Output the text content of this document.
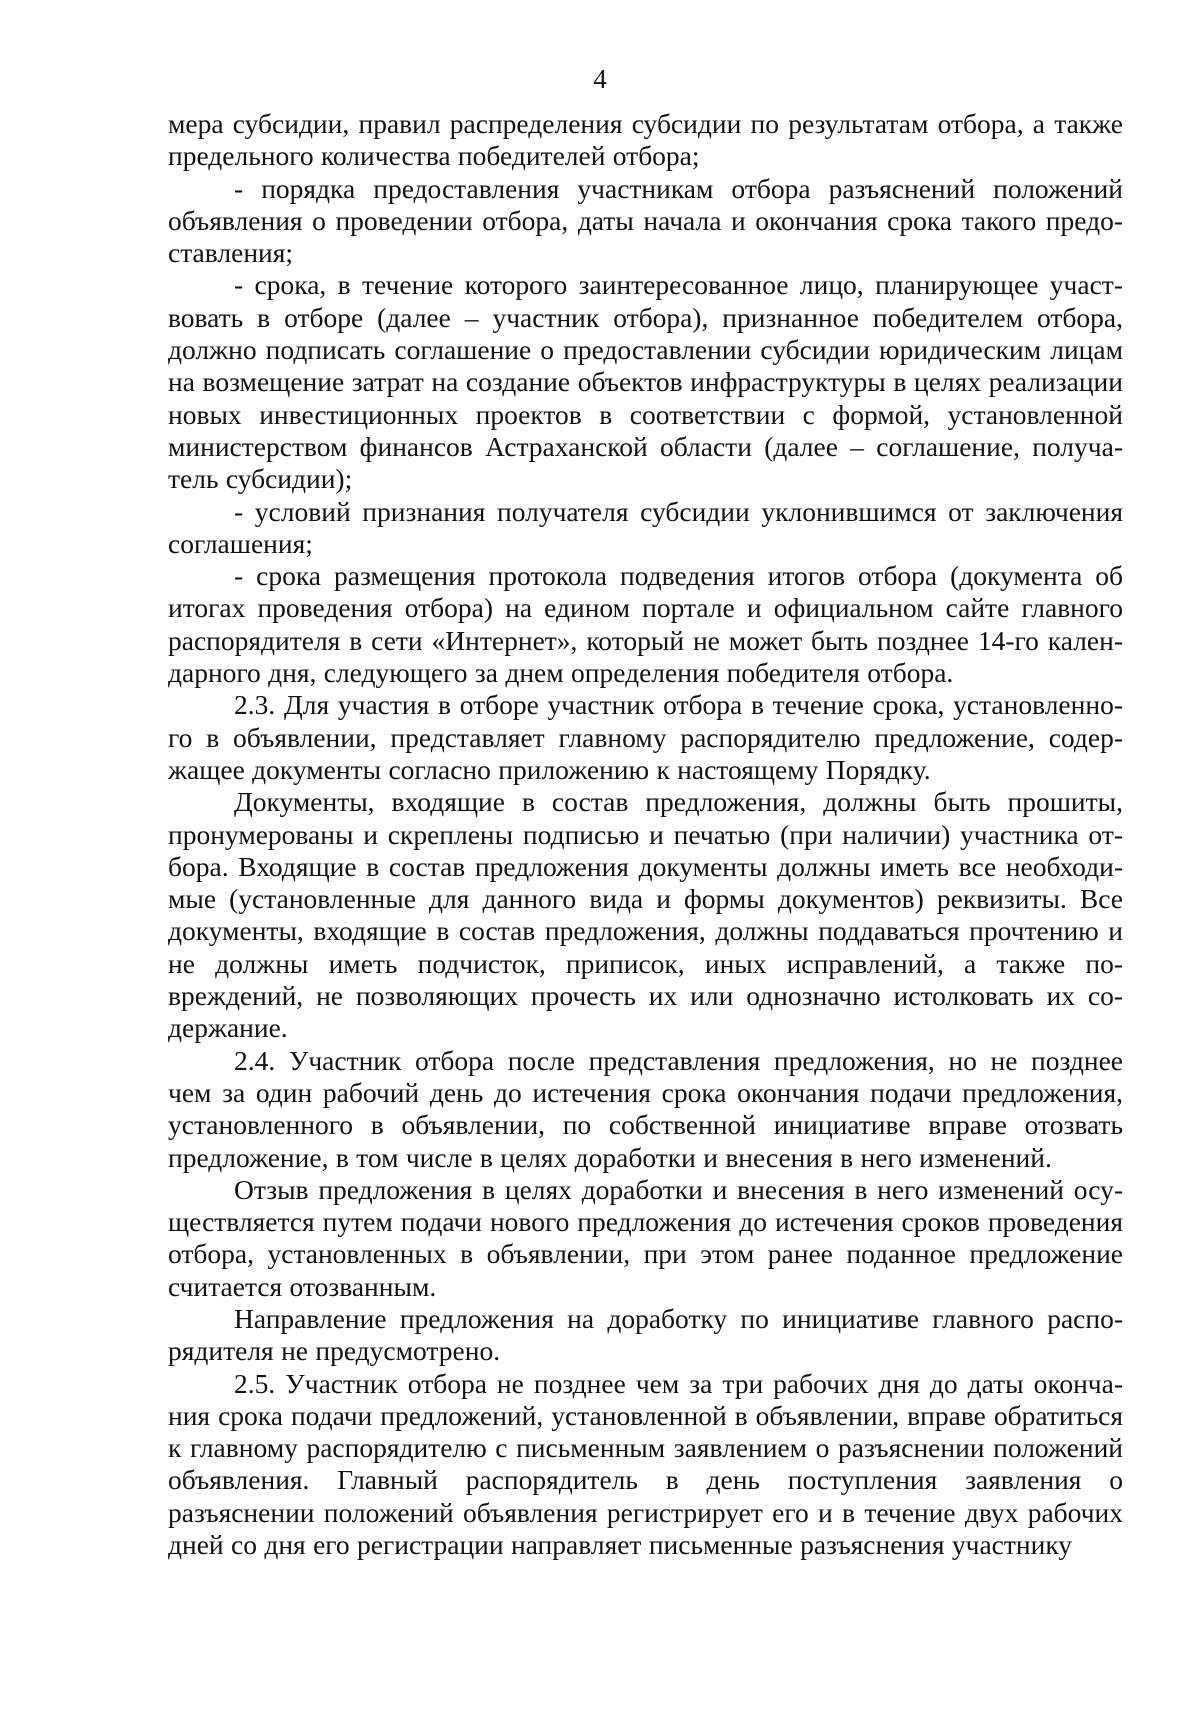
4

мера субсидии, правил распределения субсидии по результатам отбора, а также предельного количества победителей отбора;

- порядка предоставления участникам отбора разъяснений положений объявления о проведении отбора, даты начала и окончания срока такого предоставления;

- срока, в течение которого заинтересованное лицо, планирующее участвовать в отборе (далее – участник отбора), признанное победителем отбора, должно подписать соглашение о предоставлении субсидии юридическим лицам на возмещение затрат на создание объектов инфраструктуры в целях реализации новых инвестиционных проектов в соответствии с формой, установленной министерством финансов Астраханской области (далее – соглашение, получатель субсидии);

- условий признания получателя субсидии уклонившимся от заключения соглашения;

- срока размещения протокола подведения итогов отбора (документа об итогах проведения отбора) на едином портале и официальном сайте главного распорядителя в сети «Интернет», который не может быть позднее 14-го календарного дня, следующего за днем определения победителя отбора.

2.3. Для участия в отборе участник отбора в течение срока, установленного в объявлении, представляет главному распорядителю предложение, содержащее документы согласно приложению к настоящему Порядку.

Документы, входящие в состав предложения, должны быть прошиты, пронумерованы и скреплены подписью и печатью (при наличии) участника отбора. Входящие в состав предложения документы должны иметь все необходимые (установленные для данного вида и формы документов) реквизиты. Все документы, входящие в состав предложения, должны поддаваться прочтению и не должны иметь подчисток, приписок, иных исправлений, а также повреждений, не позволяющих прочесть их или однозначно истолковать их содержание.

2.4. Участник отбора после представления предложения, но не позднее чем за один рабочий день до истечения срока окончания подачи предложения, установленного в объявлении, по собственной инициативе вправе отозвать предложение, в том числе в целях доработки и внесения в него изменений.

Отзыв предложения в целях доработки и внесения в него изменений осуществляется путем подачи нового предложения до истечения сроков проведения отбора, установленных в объявлении, при этом ранее поданное предложение считается отозванным.

Направление предложения на доработку по инициативе главного распорядителя не предусмотрено.

2.5. Участник отбора не позднее чем за три рабочих дня до даты окончания срока подачи предложений, установленной в объявлении, вправе обратиться к главному распорядителю с письменным заявлением о разъяснении положений объявления. Главный распорядитель в день поступления заявления о разъяснении положений объявления регистрирует его и в течение двух рабочих дней со дня его регистрации направляет письменные разъяснения участнику
